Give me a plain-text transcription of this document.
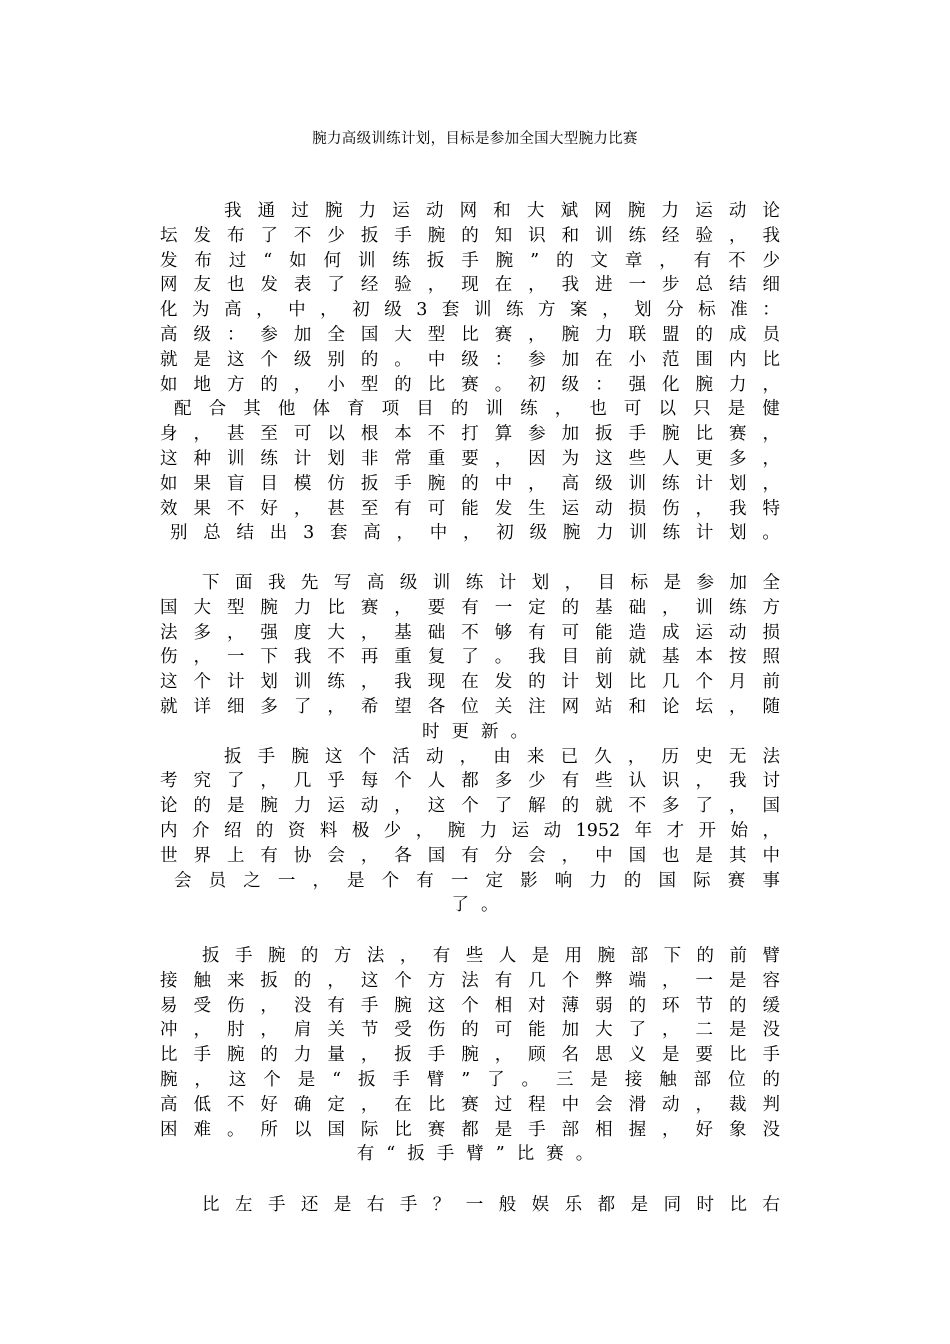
腕力高级训练计划，目标是参加全国大型腕力比赛
我 通 过 腕 力 运 动 网 和 大 斌 网 腕 力 运 动 论
坛 发 布 了 不 少 扳 手 腕 的 知 识 和 训 练 经 验 ， 我
发 布 过 “ 如 何 训 练 扳 手 腕 ” 的 文 章 ， 有 不 少
网 友 也 发 表 了 经 验 ， 现 在 ， 我 进 一 步 总 结 细
化 为 高 ， 中 ， 初 级 3 套 训 练 方 案 ， 划 分 标 准 ：
高 级 ： 参 加 全 国 大 型 比 赛 ， 腕 力 联 盟 的 成 员
就 是 这 个 级 别 的 。 中 级 ： 参 加 在 小 范 围 内 比
如 地 方 的 ， 小 型 的 比 赛 。 初 级 ： 强 化 腕 力 ，
配 合 其 他 体 育 项 目 的 训 练 ， 也 可 以 只 是 健
身 ， 甚 至 可 以 根 本 不 打 算 参 加 扳 手 腕 比 赛 ，
这 种 训 练 计 划 非 常 重 要 ， 因 为 这 些 人 更 多 ，
如 果 盲 目 模 仿 扳 手 腕 的 中 ， 高 级 训 练 计 划 ，
效 果 不 好 ， 甚 至 有 可 能 发 生 运 动 损 伤 ， 我 特
别 总 结 出 3 套 高 ， 中 ， 初 级 腕 力 训 练 计 划 。
下 面 我 先 写 高 级 训 练 计 划 ， 目 标 是 参 加 全
国 大 型 腕 力 比 赛 ， 要 有 一 定 的 基 础 ， 训 练 方
法 多 ， 强 度 大 ， 基 础 不 够 有 可 能 造 成 运 动 损
伤 ， 一 下 我 不 再 重 复 了 。 我 目 前 就 基 本 按 照
这 个 计 划 训 练 ， 我 现 在 发 的 计 划 比 几 个 月 前
就 详 细 多 了 ， 希 望 各 位 关 注 网 站 和 论 坛 ， 随
时 更 新 。
扳 手 腕 这 个 活 动 ， 由 来 已 久 ， 历 史 无 法
考 究 了 ， 几 乎 每 个 人 都 多 少 有 些 认 识 ， 我 讨
论 的 是 腕 力 运 动 ， 这 个 了 解 的 就 不 多 了 ， 国
内 介 绍 的 资 料 极 少 ， 腕 力 运 动 1952 年 才 开 始 ，
世 界 上 有 协 会 ， 各 国 有 分 会 ， 中 国 也 是 其 中
会 员 之 一 ， 是 个 有 一 定 影 响 力 的 国 际 赛 事
了 。
扳 手 腕 的 方 法 ， 有 些 人 是 用 腕 部 下 的 前 臂
接 触 来 扳 的 ， 这 个 方 法 有 几 个 弊 端 ， 一 是 容
易 受 伤 ， 没 有 手 腕 这 个 相 对 薄 弱 的 环 节 的 缓
冲 ， 肘 ， 肩 关 节 受 伤 的 可 能 加 大 了 ， 二 是 没
比 手 腕 的 力 量 ， 扳 手 腕 ， 顾 名 思 义 是 要 比 手
腕 ， 这 个 是 “ 扳 手 臂 ” 了 。 三 是 接 触 部 位 的
高 低 不 好 确 定 ， 在 比 赛 过 程 中 会 滑 动 ， 裁 判
困 难 。 所 以 国 际 比 赛 都 是 手 部 相 握 ， 好 象 没
有 “ 扳 手 臂 ” 比 赛 。
比 左 手 还 是 右 手 ？ 一 般 娱 乐 都 是 同 时 比 右
